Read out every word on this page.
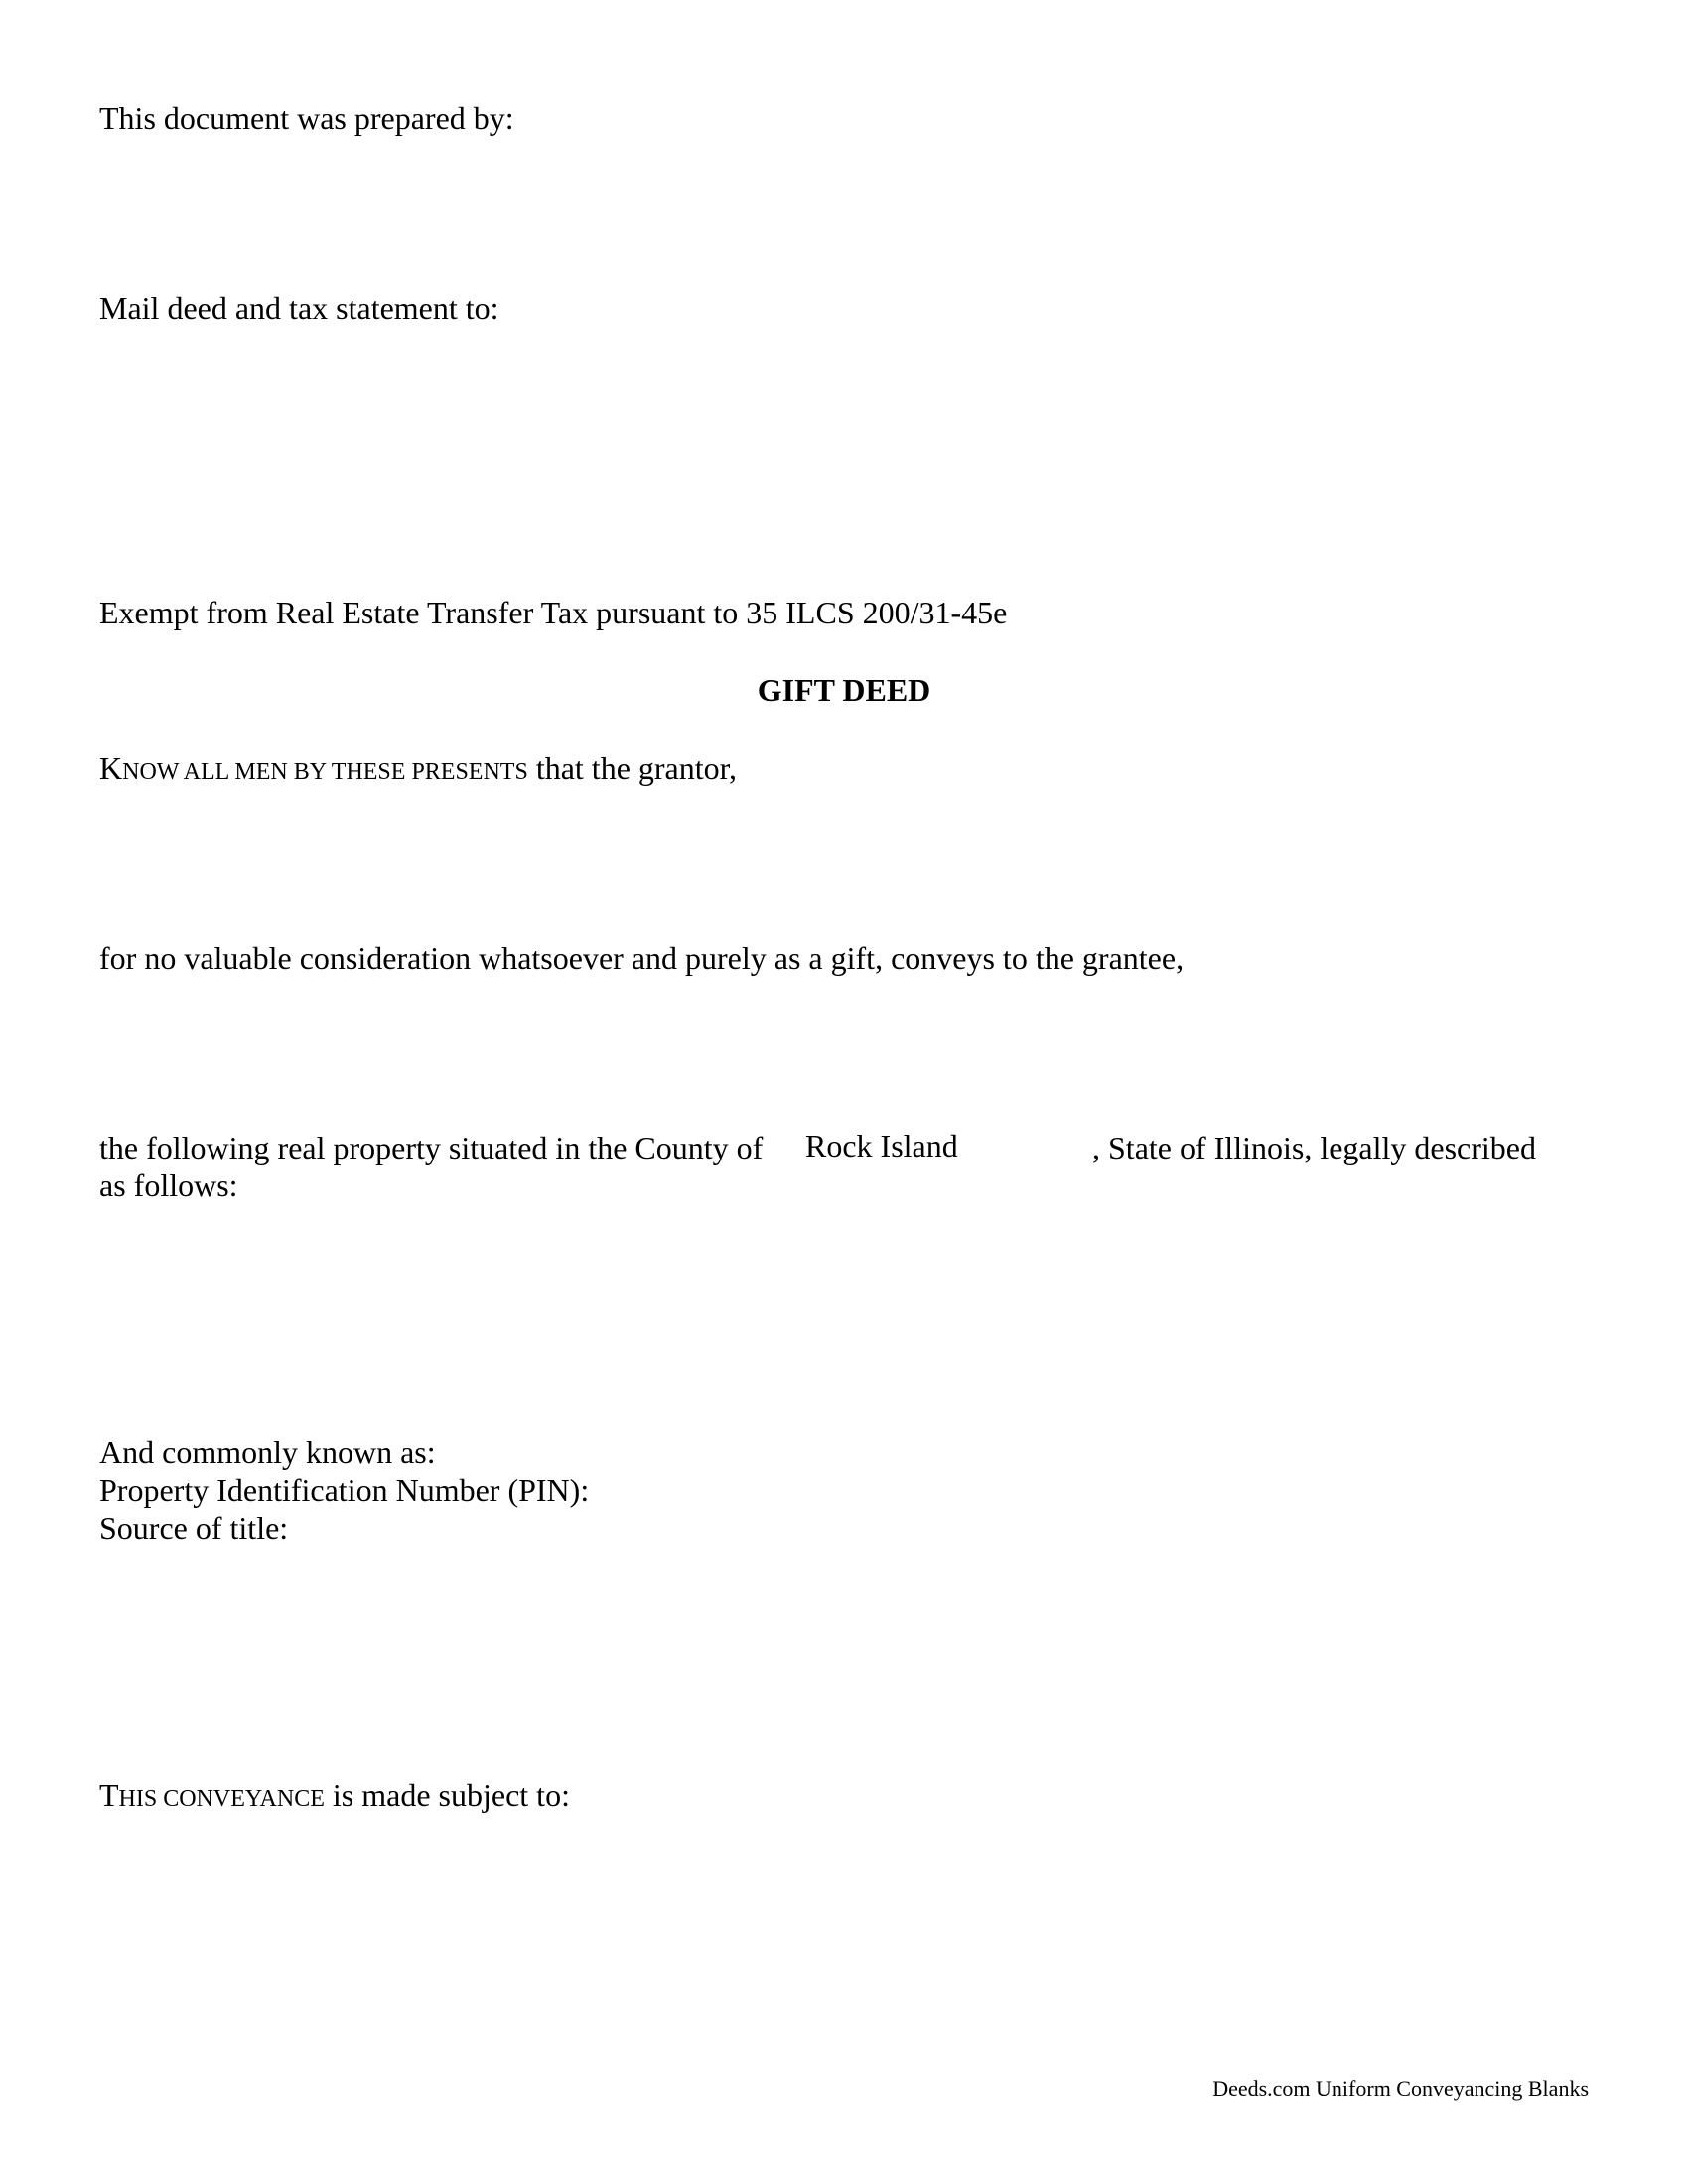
This document was prepared by:
Mail deed and tax statement to:
Exempt from Real Estate Transfer Tax pursuant to 35 ILCS 200/31-45e
GIFT DEED
KNOW ALL MEN BY THESE PRESENTS that the grantor,
for no valuable consideration whatsoever and purely as a gift, conveys to the grantee,
the following real property situated in the County of Rock Island	, State of Illinois, legally described
as follows:
And commonly known as:
Property Identification Number (PIN):
Source of title:
THIS CONVEYANCE is made subject to:
Deeds.com Uniform Conveyancing Blanks
